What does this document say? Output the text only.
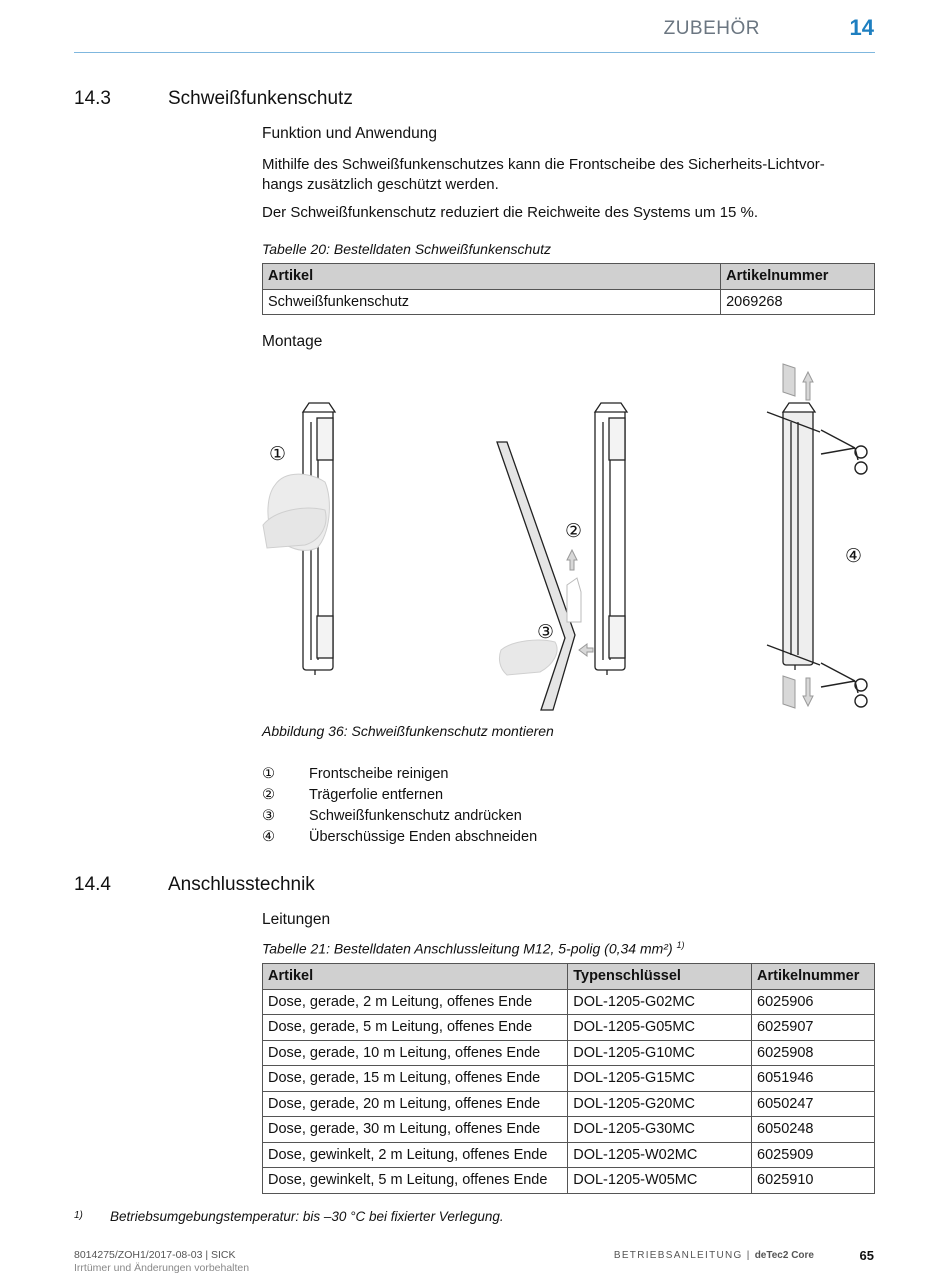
ZUBEHÖR	14
14.3	Schweißfunkenschutz
Funktion und Anwendung
Mithilfe des Schweißfunkenschutzes kann die Frontscheibe des Sicherheits-Lichtvor-
hangs zusätzlich geschützt werden.
Der Schweißfunkenschutz reduziert die Reichweite des Systems um 15 %.
Tabelle 20: Bestelldaten Schweißfunkenschutz
Artikel	Artikelnummer
Schweißfunkenschutz	2069268
Montage
①
②
③
④
Abbildung 36: Schweißfunkenschutz montieren
①	Frontscheibe reinigen
②	Trägerfolie entfernen
③	Schweißfunkenschutz andrücken
④	Überschüssige Enden abschneiden
14.4	Anschlusstechnik
Leitungen
Tabelle 21: Bestelldaten Anschlussleitung M12, 5-polig (0,34 mm²) $^{1)}$
Artikel	Typenschlüssel	Artikelnummer
Dose, gerade, 2 m Leitung, offenes Ende	DOL-1205-G02MC	6025906
Dose, gerade, 5 m Leitung, offenes Ende	DOL-1205-G05MC	6025907
Dose, gerade, 10 m Leitung, offenes Ende	DOL-1205-G10MC	6025908
Dose, gerade, 15 m Leitung, offenes Ende	DOL-1205-G15MC	6051946
Dose, gerade, 20 m Leitung, offenes Ende	DOL-1205-G20MC	6050247
Dose, gerade, 30 m Leitung, offenes Ende	DOL-1205-G30MC	6050248
Dose, gewinkelt, 2 m Leitung, offenes Ende	DOL-1205-W02MC	6025909
Dose, gewinkelt, 5 m Leitung, offenes Ende	DOL-1205-W05MC	6025910
1) Betriebsumgebungstemperatur: bis –30 °C bei fixierter Verlegung.
8014275/ZOH1/2017-08-03 | SICK
Irrtümer und Änderungen vorbehalten
BETRIEBSANLEITUNG | deTec2 Core	65
